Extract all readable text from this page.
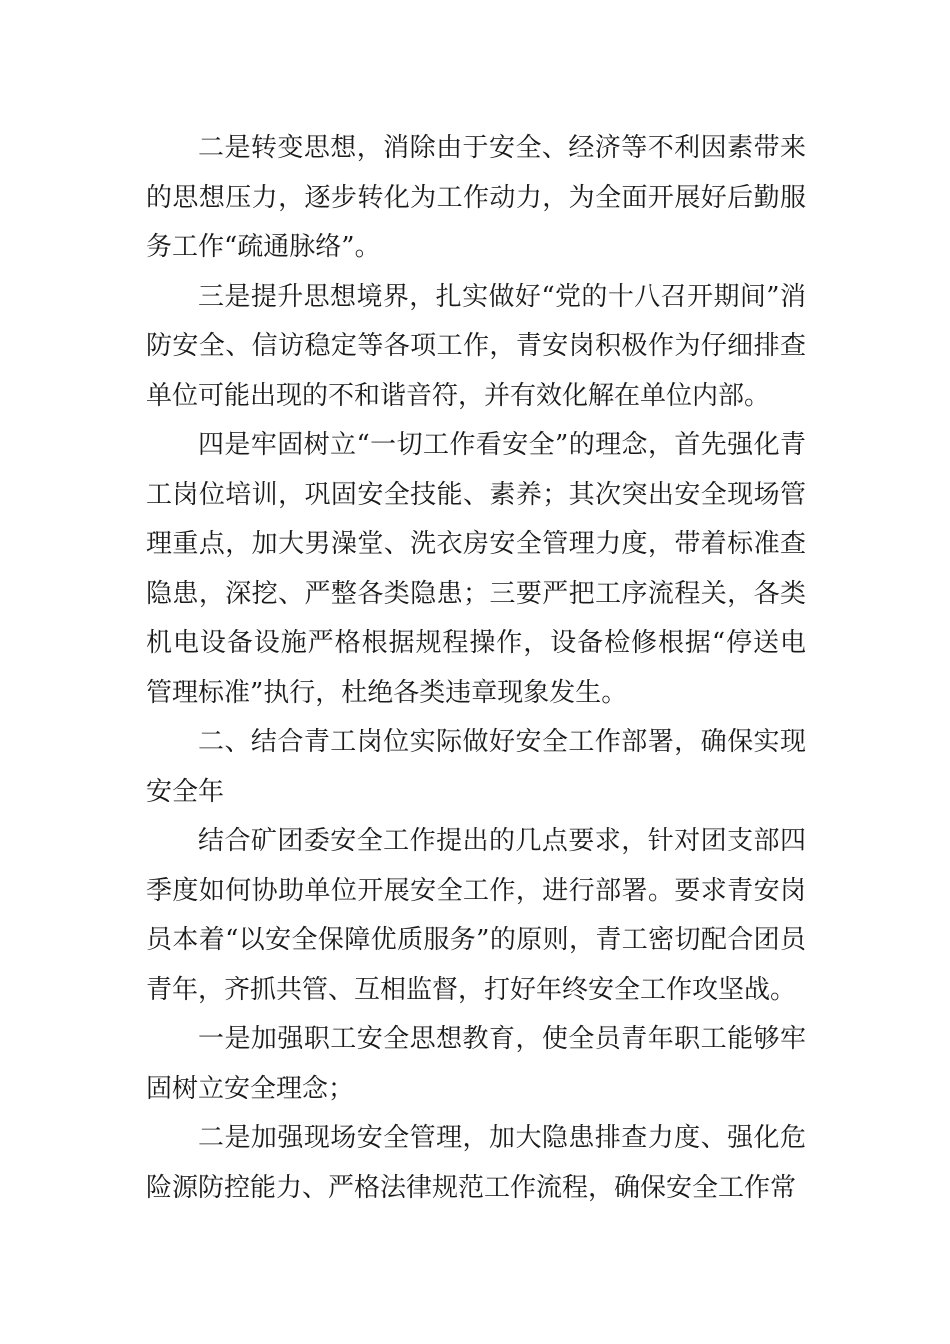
二是转变思想，消除由于安全、经济等不利因素带来的思想压力，逐步转化为工作动力，为全面开展好后勤服务工作“疏通脉络”。

三是提升思想境界，扎实做好“党的十八召开期间”消防安全、信访稳定等各项工作，青安岗积极作为仔细排查单位可能出现的不和谐音符，并有效化解在单位内部。

四是牢固树立“一切工作看安全”的理念，首先强化青工岗位培训，巩固安全技能、素养；其次突出安全现场管理重点，加大男澡堂、洗衣房安全管理力度，带着标准查隐患，深挖、严整各类隐患；三要严把工序流程关，各类机电设备设施严格根据规程操作，设备检修根据“停送电管理标准”执行，杜绝各类违章现象发生。

二、结合青工岗位实际做好安全工作部署，确保实现安全年

结合矿团委安全工作提出的几点要求，针对团支部四季度如何协助单位开展安全工作，进行部署。要求青安岗员本着“以安全保障优质服务”的原则，青工密切配合团员青年，齐抓共管、互相监督，打好年终安全工作攻坚战。

一是加强职工安全思想教育，使全员青年职工能够牢固树立安全理念；

二是加强现场安全管理，加大隐患排查力度、强化危险源防控能力、严格法律规范工作流程，确保安全工作常
